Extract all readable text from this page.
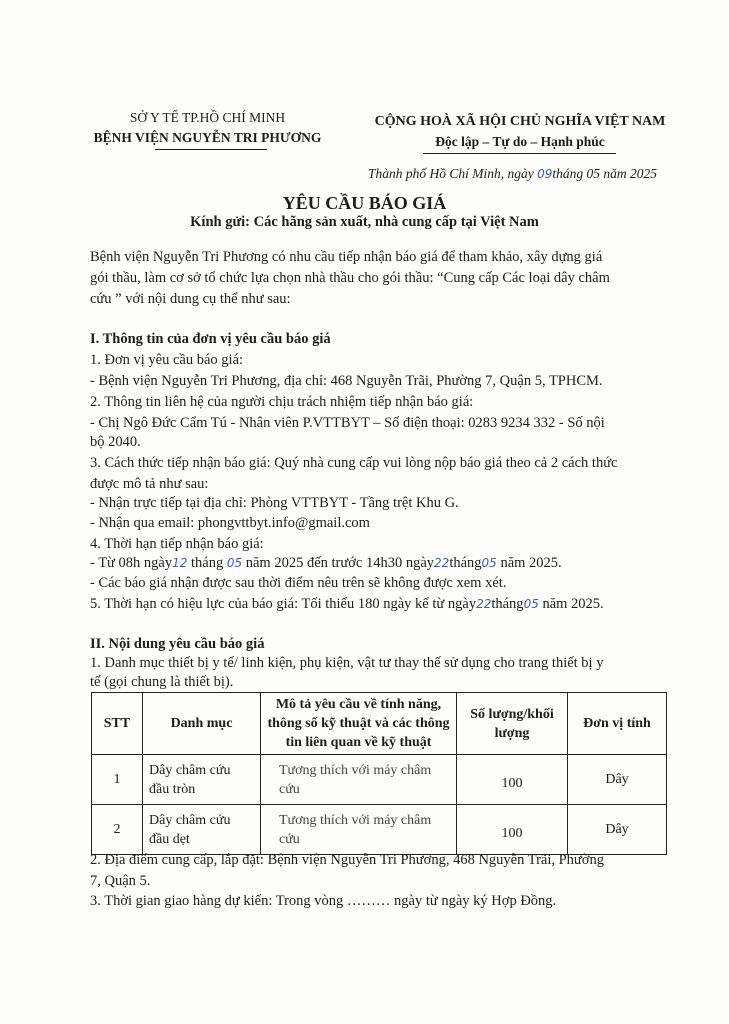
SỞ Y TẾ TP.HỒ CHÍ MINH
BỆNH VIỆN NGUYỄN TRI PHƯƠNG
CỘNG HOÀ XÃ HỘI CHỦ NGHĨA VIỆT NAM
Độc lập – Tự do – Hạnh phúc
Thành phố Hồ Chí Minh, ngày 09tháng 05 năm 2025
YÊU CẦU BÁO GIÁ
Kính gửi: Các hãng sản xuất, nhà cung cấp tại Việt Nam
Bệnh viện Nguyễn Tri Phương có nhu cầu tiếp nhận báo giá để tham khảo, xây dựng giá
gói thầu, làm cơ sở tổ chức lựa chọn nhà thầu cho gói thầu: “Cung cấp Các loại dây châm
cứu ” với nội dung cụ thể như sau:
I. Thông tin của đơn vị yêu cầu báo giá
1. Đơn vị yêu cầu báo giá:
- Bệnh viện Nguyễn Tri Phương, địa chỉ: 468 Nguyễn Trãi, Phường 7, Quận 5, TPHCM.
2. Thông tin liên hệ của người chịu trách nhiệm tiếp nhận báo giá:
- Chị Ngô Đức Cẩm Tú - Nhân viên P.VTTBYT – Số điện thoại: 0283 9234 332 - Số nội
bộ 2040.
3. Cách thức tiếp nhận báo giá: Quý nhà cung cấp vui lòng nộp báo giá theo cả 2 cách thức
được mô tả như sau:
- Nhận trực tiếp tại địa chỉ: Phòng VTTBYT - Tầng trệt Khu G.
- Nhận qua email: phongvttbyt.info@gmail.com
4. Thời hạn tiếp nhận báo giá:
- Từ 08h ngày12 tháng 05 năm 2025 đến trước 14h30 ngày22tháng05 năm 2025.
- Các báo giá nhận được sau thời điểm nêu trên sẽ không được xem xét.
5. Thời hạn có hiệu lực của báo giá: Tối thiểu 180 ngày kể từ ngày22tháng05 năm 2025.
II. Nội dung yêu cầu báo giá
1. Danh mục thiết bị y tế/ linh kiện, phụ kiện, vật tư thay thế sử dụng cho trang thiết bị y
tế (gọi chung là thiết bị).
STT	Danh mục	Mô tả yêu cầu về tính năng, thông số kỹ thuật và các thông tin liên quan về kỹ thuật	Số lượng/khối lượng	Đơn vị tính
1	Dây châm cứu đầu tròn	Tương thích với máy châm cứu	100	Dây
2	Dây châm cứu đầu dẹt	Tương thích với máy châm cứu	100	Dây
2. Địa điểm cung cấp, lắp đặt: Bệnh viện Nguyễn Tri Phương, 468 Nguyễn Trãi, Phường
7, Quận 5.
3. Thời gian giao hàng dự kiến: Trong vòng ……… ngày từ ngày ký Hợp Đồng.
